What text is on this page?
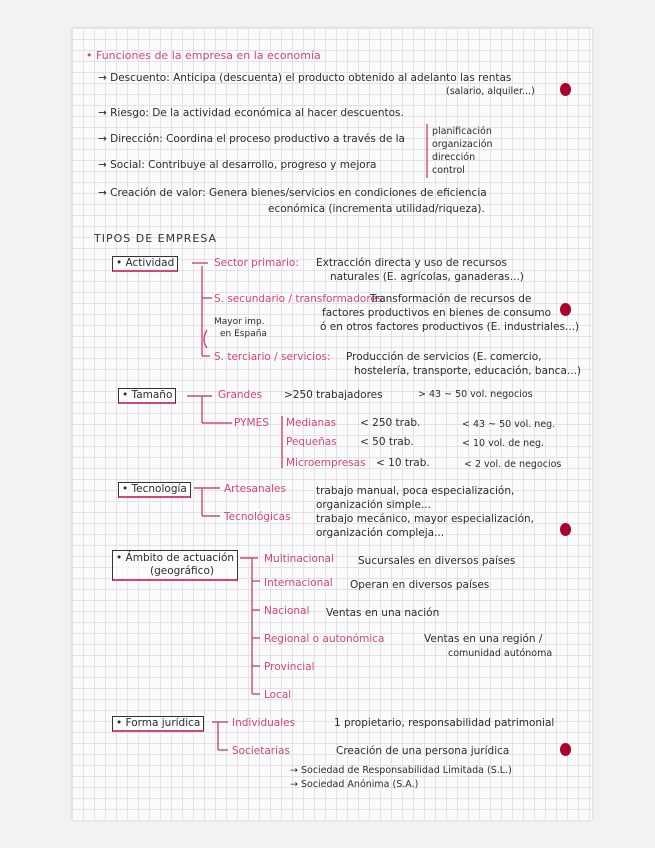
• Funciones de la empresa en la economía
→ Descuento: Anticipa (descuenta) el producto obtenido al adelanto las rentas
(salario, alquiler...)
→ Riesgo: De la actividad económica al hacer descuentos.
→ Dirección: Coordina el proceso productivo a través de la
planificación
organización
dirección
control
→ Social: Contribuye al desarrollo, progreso y mejora
→ Creación de valor: Genera bienes/servicios en condiciones de eficiencia
económica (incrementa utilidad/riqueza).
TIPOS DE EMPRESA
• Actividad	Sector primario: Extracción directa y uso de recursos
naturales (E. agrícolas, ganaderas...)
S. secundario / transformadores:
Transformación de recursos de
factores productivos en bienes de consumo
ó en otros factores productivos (E. industriales...)
Mayor imp.
en España
S. terciario / servicios: Producción de servicios (E. comercio,
hostelería, transporte, educación, banca...)
• Tamaño	Grandes >250 trabajadores	> 43 ~ 50 vol. negocios
PYMES Medianas < 250 trab.	< 43 ~ 50 vol. neg.
Pequeñas < 50 trab.	< 10 vol. de neg.
Microempresas < 10 trab.	< 2 vol. de negocios
• Tecnología	Artesanales	trabajo manual, poca especialización,
organización simple...
Tecnológicas trabajo mecánico, mayor especialización,
organización compleja...
• Ámbito de actuación
(geográfico)
Multinacional Sucursales en diversos países
Internacional Operan en diversos países
Nacional Ventas en una nación
Regional o autonómica	Ventas en una región /
comunidad autónoma
Provincial
Local
• Forma jurídica	Individuales	1 propietario, responsabilidad patrimonial
Societarias	Creación de una persona jurídica
→ Sociedad de Responsabilidad Limitada (S.L.)
→ Sociedad Anónima (S.A.)
